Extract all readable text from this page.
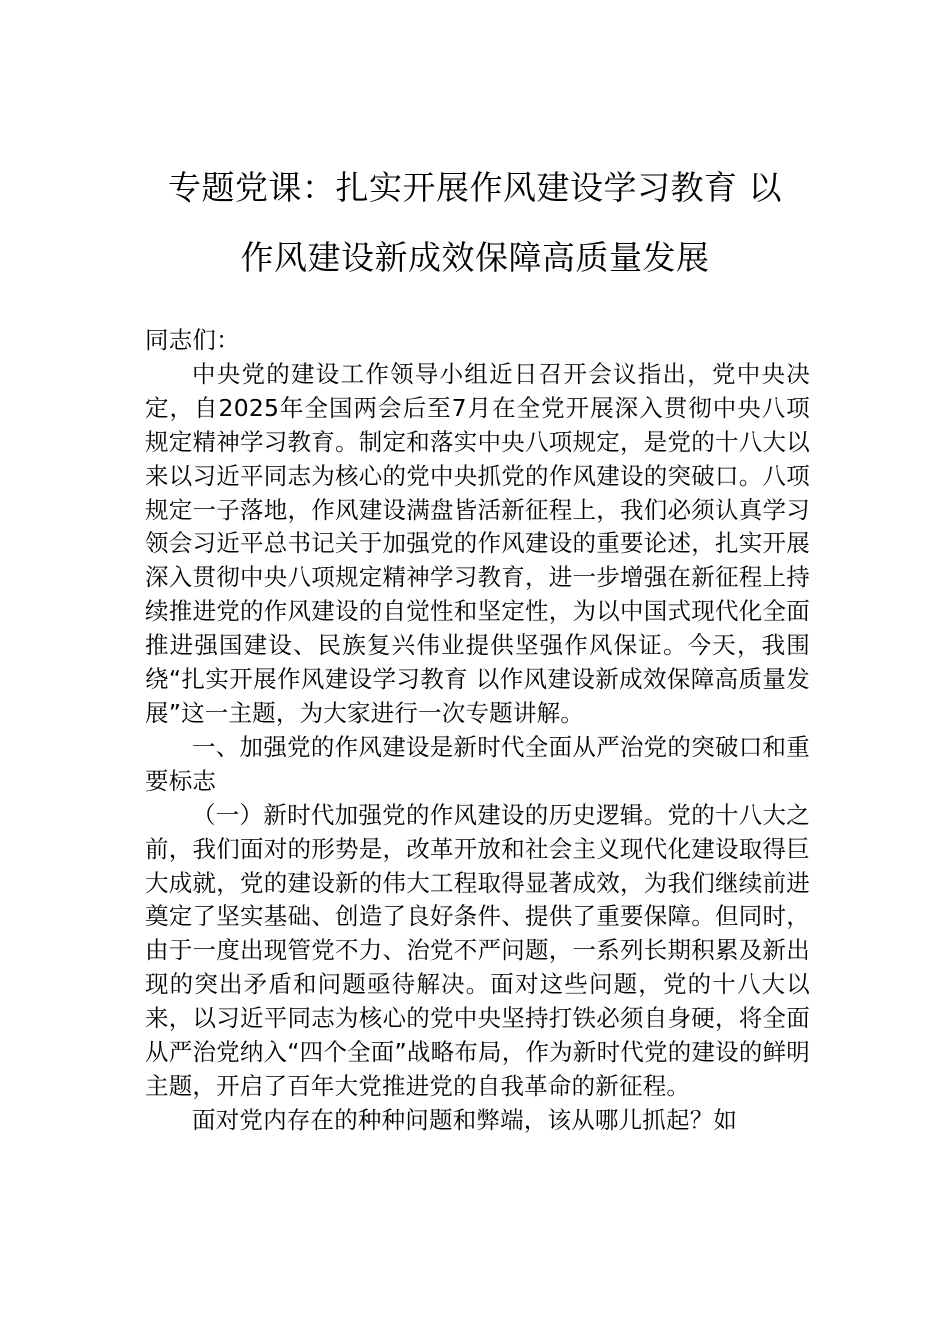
专题党课：扎实开展作风建设学习教育 以
作风建设新成效保障高质量发展

同志们：

中央党的建设工作领导小组近日召开会议指出，党中央决定，自2025年全国两会后至7月在全党开展深入贯彻中央八项规定精神学习教育。制定和落实中央八项规定，是党的十八大以来以习近平同志为核心的党中央抓党的作风建设的突破口。八项规定一子落地，作风建设满盘皆活新征程上，我们必须认真学习领会习近平总书记关于加强党的作风建设的重要论述，扎实开展深入贯彻中央八项规定精神学习教育，进一步增强在新征程上持续推进党的作风建设的自觉性和坚定性，为以中国式现代化全面推进强国建设、民族复兴伟业提供坚强作风保证。今天，我围绕“扎实开展作风建设学习教育 以作风建设新成效保障高质量发展”这一主题，为大家进行一次专题讲解。

一、加强党的作风建设是新时代全面从严治党的突破口和重要标志

（一）新时代加强党的作风建设的历史逻辑。党的十八大之前，我们面对的形势是，改革开放和社会主义现代化建设取得巨大成就，党的建设新的伟大工程取得显著成效，为我们继续前进奠定了坚实基础、创造了良好条件、提供了重要保障。但同时，由于一度出现管党不力、治党不严问题，一系列长期积累及新出现的突出矛盾和问题亟待解决。面对这些问题，党的十八大以来，以习近平同志为核心的党中央坚持打铁必须自身硬，将全面从严治党纳入“四个全面”战略布局，作为新时代党的建设的鲜明主题，开启了百年大党推进党的自我革命的新征程。

面对党内存在的种种问题和弊端，该从哪儿抓起？如
